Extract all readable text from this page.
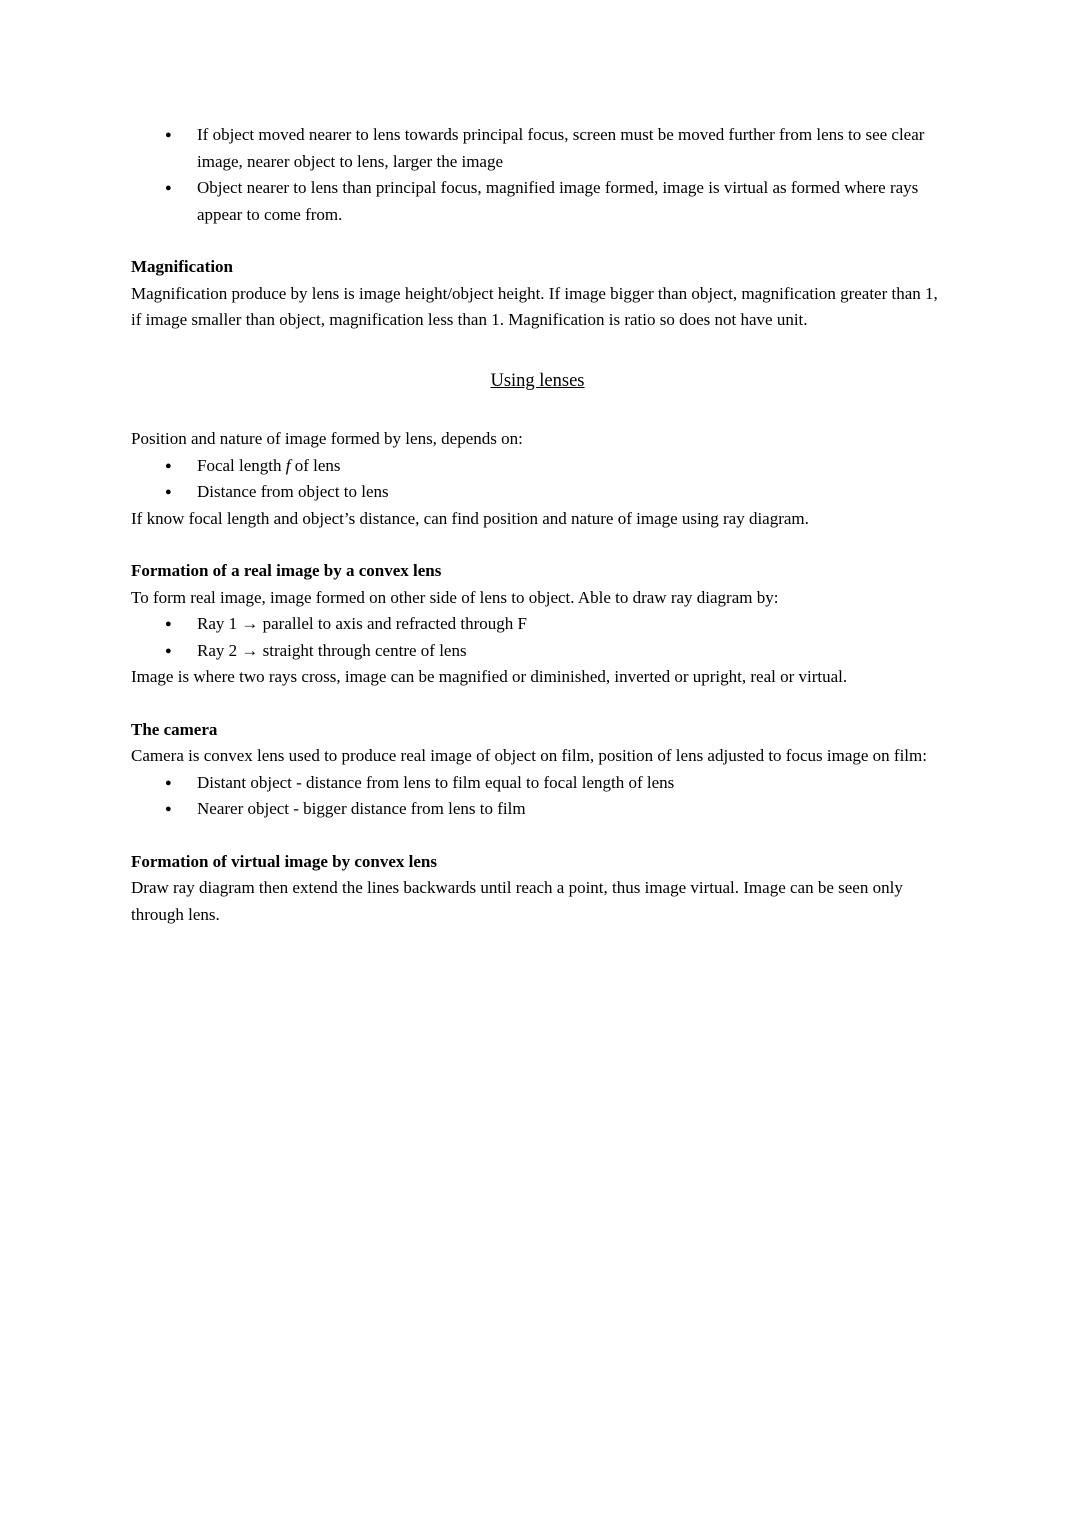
● If object moved nearer to lens towards principal focus, screen must be moved further from lens to see clear image, nearer object to lens, larger the image
● Object nearer to lens than principal focus, magnified image formed, image is virtual as formed where rays appear to come from.
Magnification

Magnification produce by lens is image height/object height. If image bigger than object, magnification greater than 1, if image smaller than object, magnification less than 1. Magnification is ratio so does not have unit.

Using lenses

Position and nature of image formed by lens, depends on:

● Focal length f of lens
● Distance from object to lens

If know focal length and object’s distance, can find position and nature of image using ray diagram.

Formation of a real image by a convex lens

To form real image, image formed on other side of lens to object. Able to draw ray diagram by:

● Ray 1 → parallel to axis and refracted through F
● Ray 2 → straight through centre of lens

Image is where two rays cross, image can be magnified or diminished, inverted or upright, real or virtual.

The camera

Camera is convex lens used to produce real image of object on film, position of lens adjusted to focus image on film:

● Distant object - distance from lens to film equal to focal length of lens
● Nearer object - bigger distance from lens to film
Formation of virtual image by convex lens

Draw ray diagram then extend the lines backwards until reach a point, thus image virtual. Image can be seen only through lens.
